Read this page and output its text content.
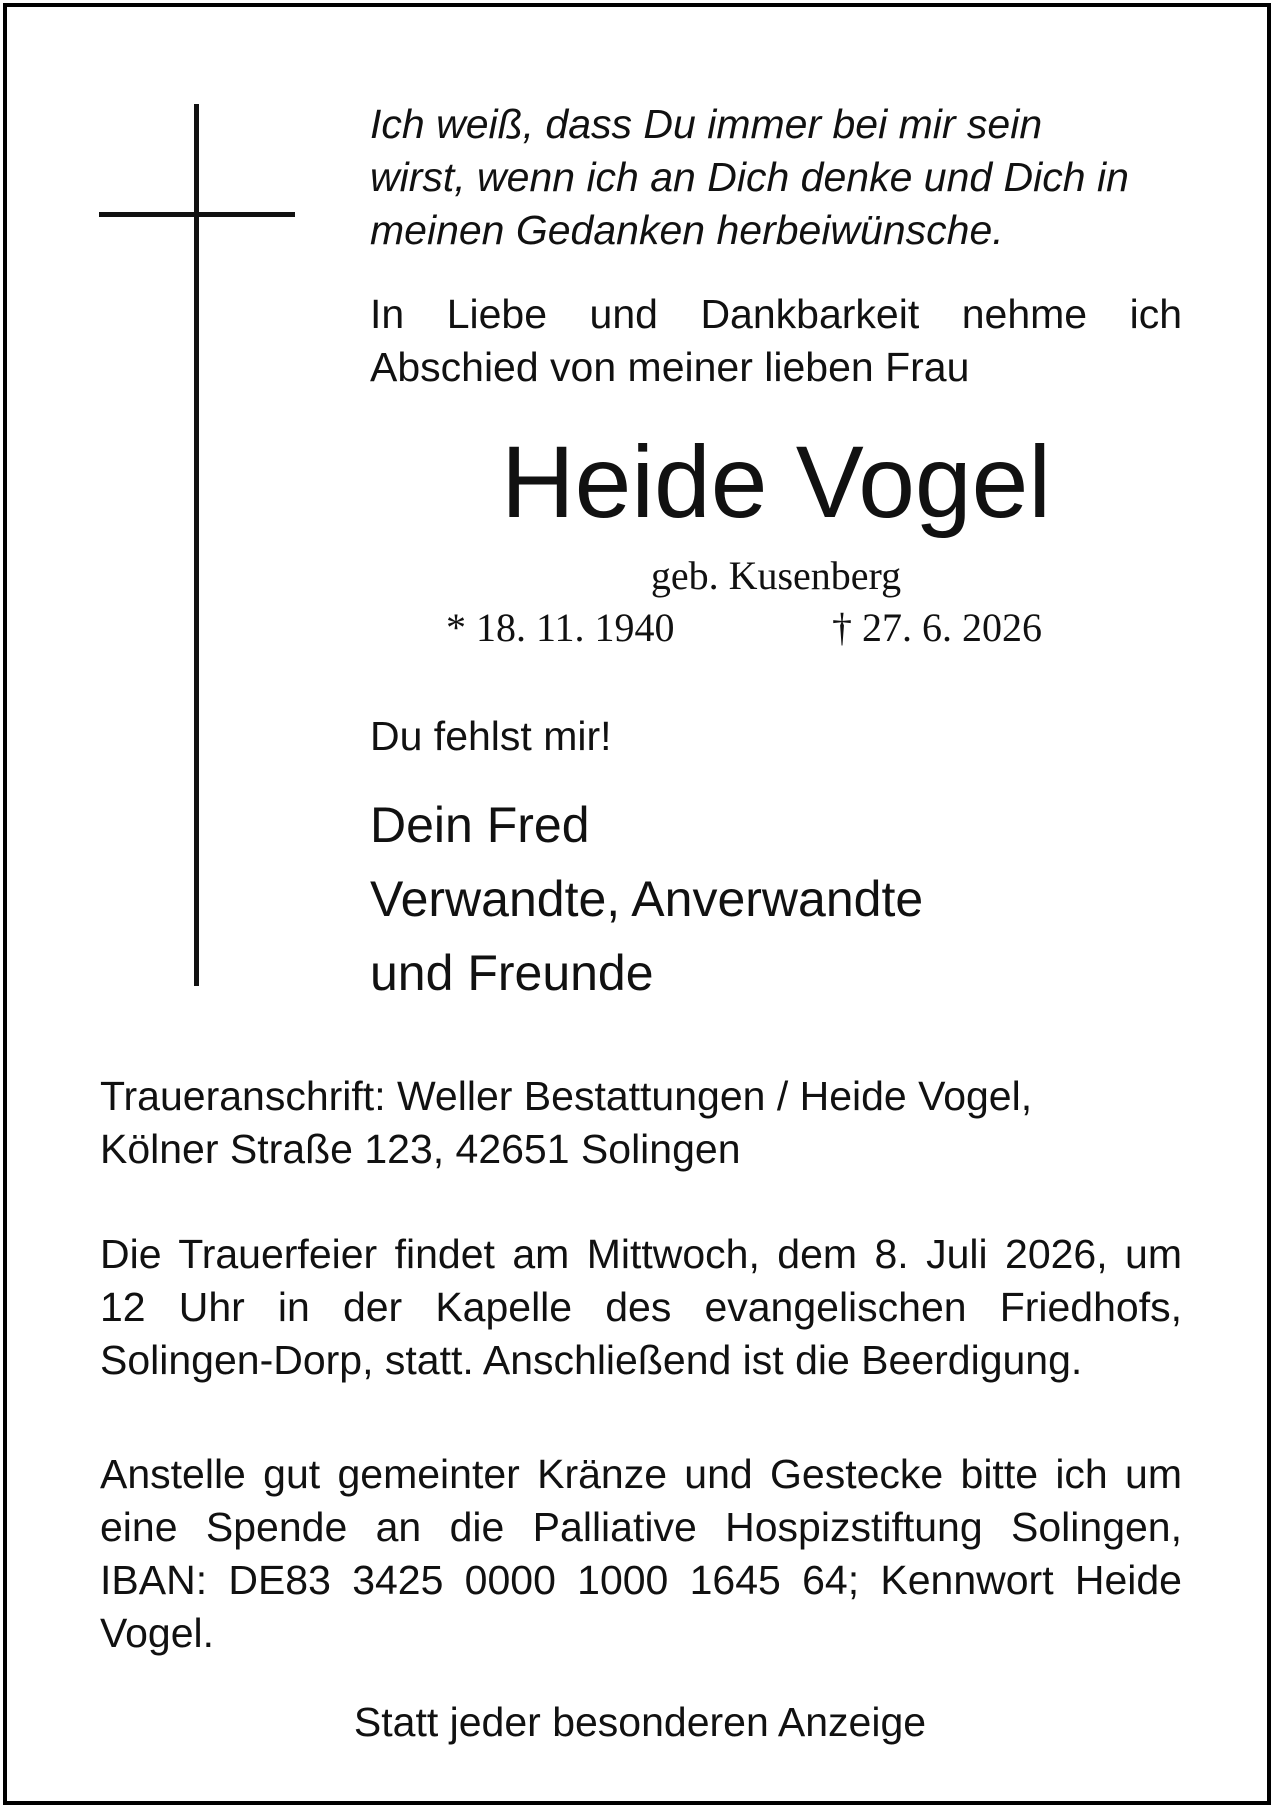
Ich weiß, dass Du immer bei mir sein
wirst, wenn ich an Dich denke und Dich in
meinen Gedanken herbeiwünsche.
In Liebe und Dankbarkeit nehme ich
Abschied von meiner lieben Frau
Heide Vogel
geb. Kusenberg
* 18. 11. 1940	† 27. 6. 2026
Du fehlst mir!
Dein Fred
Verwandte, Anverwandte
und Freunde
Traueranschrift: Weller Bestattungen / Heide Vogel,
Kölner Straße 123, 42651 Solingen
Die Trauerfeier findet am Mittwoch, dem 8. Juli 2026, um 12 Uhr in der Kapelle des evangelischen Friedhofs, Solingen-Dorp, statt. Anschließend ist die Beerdigung.
Anstelle gut gemeinter Kränze und Gestecke bitte ich um eine Spende an die Palliative Hospizstiftung Solingen, IBAN: DE83 3425 0000 1000 1645 64; Kennwort Heide Vogel.
Statt jeder besonderen Anzeige
